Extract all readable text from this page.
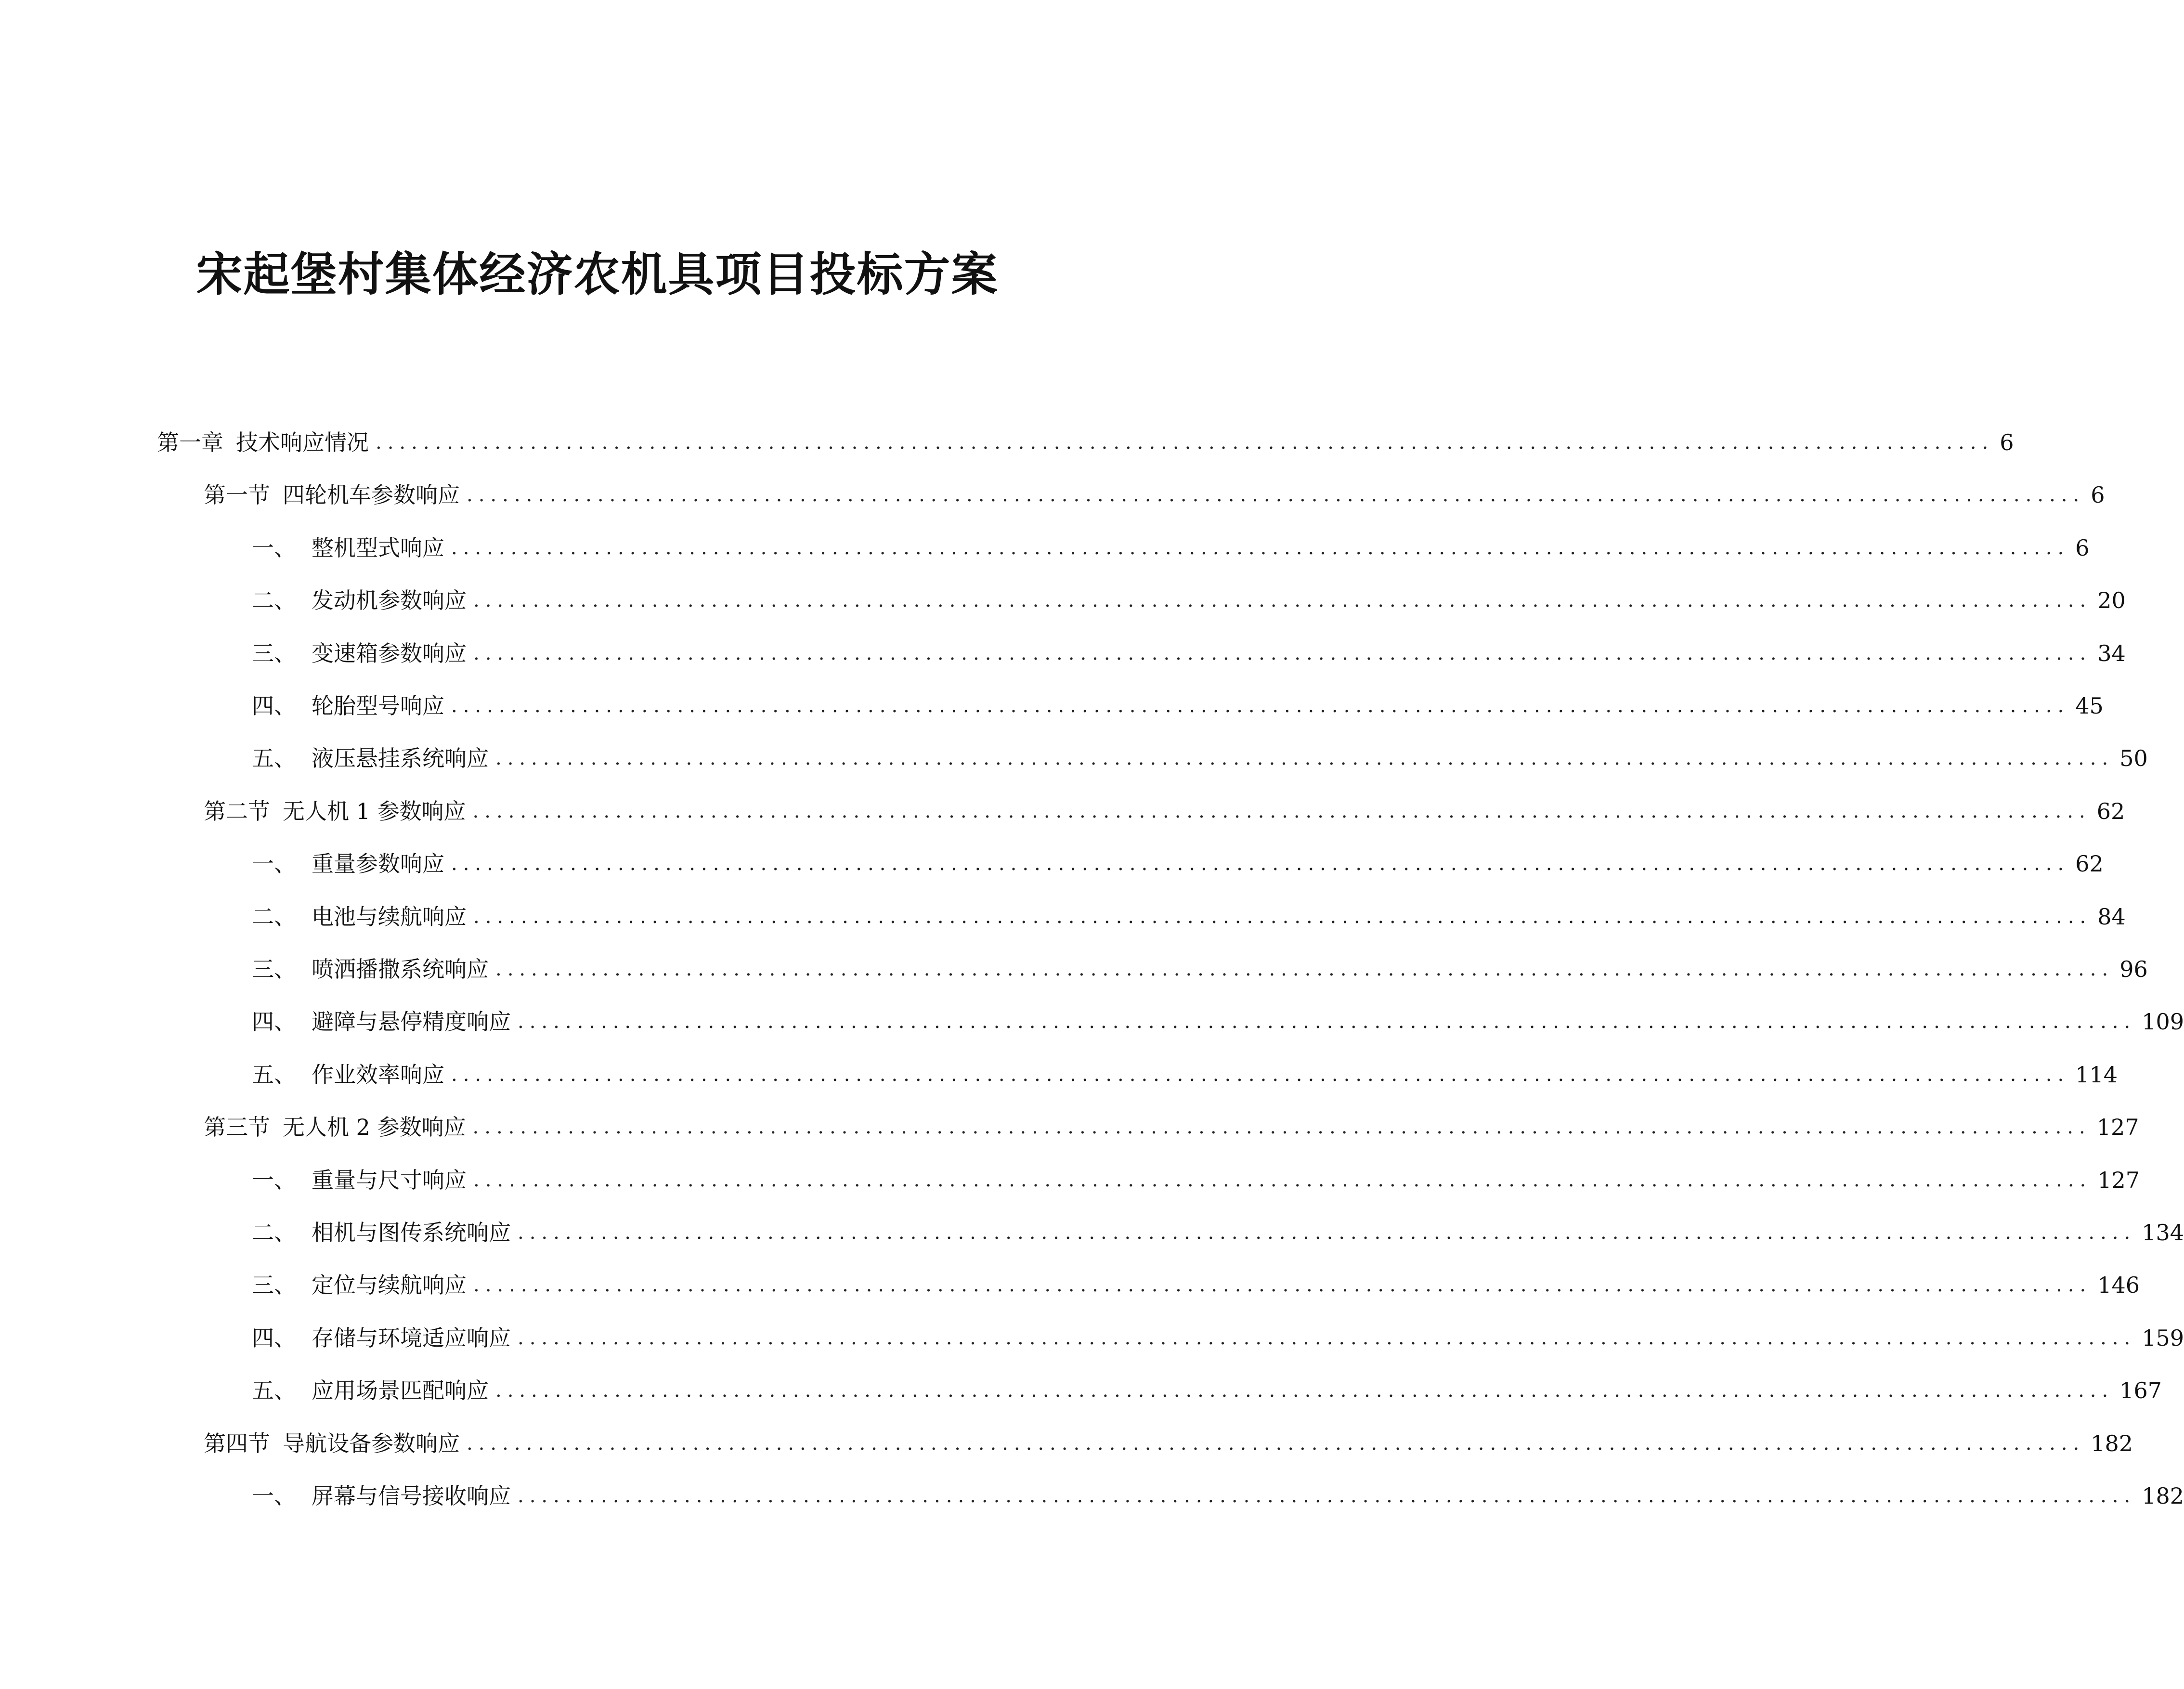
宋起堡村集体经济农机具项目投标方案
第一章 技术响应情况 ........................................................................................................................................ 6
第一节 四轮机车参数响应 ........................................................................................................................................ 6
一、 整机型式响应 ........................................................................................................................................ 6
二、 发动机参数响应 ........................................................................................................................................ 20
三、 变速箱参数响应 ........................................................................................................................................ 34
四、 轮胎型号响应 ........................................................................................................................................ 45
五、 液压悬挂系统响应 ........................................................................................................................................ 50
第二节 无人机 1 参数响应 ........................................................................................................................................ 62
一、 重量参数响应 ........................................................................................................................................ 62
二、 电池与续航响应 ........................................................................................................................................ 84
三、 喷洒播撒系统响应 ........................................................................................................................................ 96
四、 避障与悬停精度响应 ........................................................................................................................................ 109
五、 作业效率响应 ........................................................................................................................................ 114
第三节 无人机 2 参数响应 ........................................................................................................................................ 127
一、 重量与尺寸响应 ........................................................................................................................................ 127
二、 相机与图传系统响应 ........................................................................................................................................ 134
三、 定位与续航响应 ........................................................................................................................................ 146
四、 存储与环境适应响应 ........................................................................................................................................ 159
五、 应用场景匹配响应 ........................................................................................................................................ 167
第四节 导航设备参数响应 ........................................................................................................................................ 182
一、 屏幕与信号接收响应 ........................................................................................................................................ 182
